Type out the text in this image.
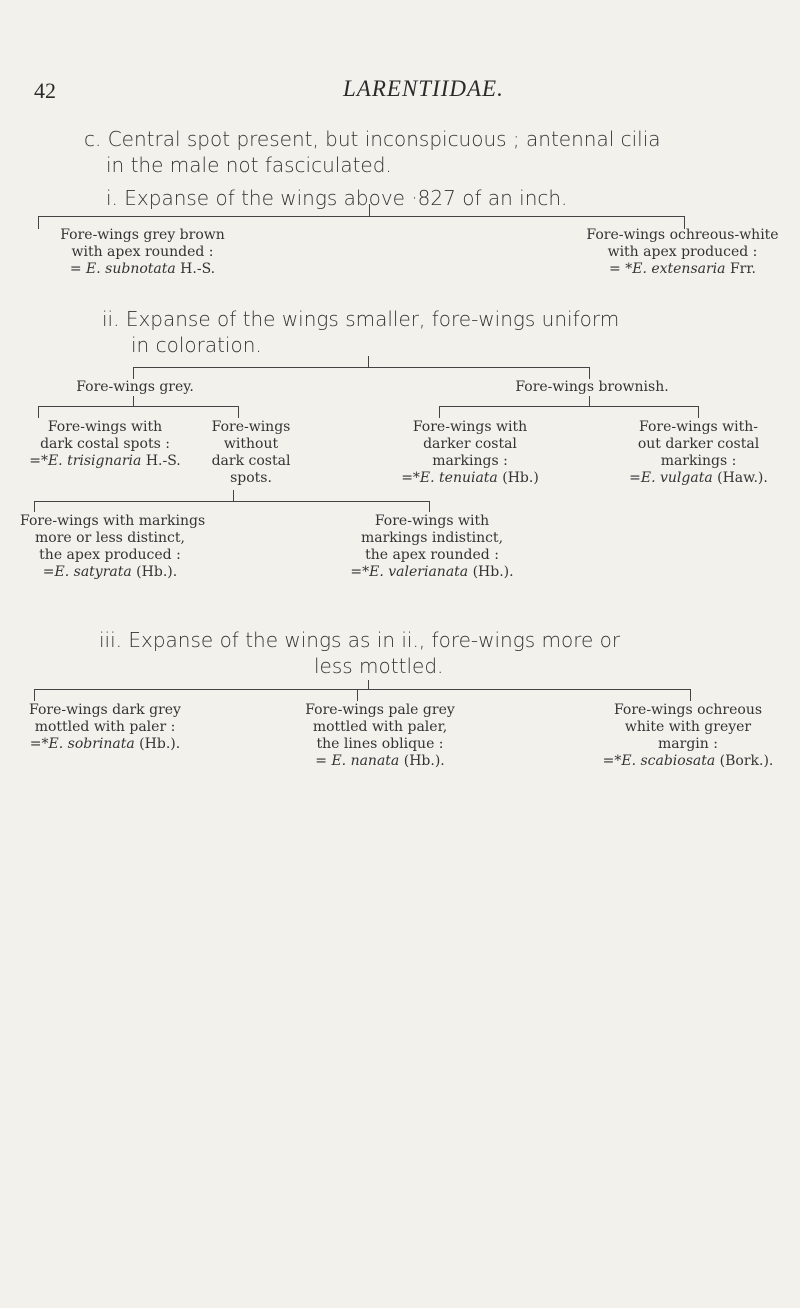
42	LARENTIIDAE.
c. Central spot present, but inconspicuous ; antennal cilia
in the male not fasciculated.
i. Expanse of the wings above ·827 of an inch.
Fore-wings grey brown
with apex rounded :
= E. subnotata H.-S.
Fore-wings ochreous-white
with apex produced :
= *E. extensaria Frr.
ii. Expanse of the wings smaller, fore-wings uniform
in coloration.
Fore-wings grey.	Fore-wings brownish.
Fore-wings with
dark costal spots :
=*E. trisignaria H.-S.
Fore-wings
without
dark costal
spots.
Fore-wings with
darker costal
markings :
=*E. tenuiata (Hb.)
Fore-wings with-
out darker costal
markings :
=E. vulgata (Haw.).
Fore-wings with markings
more or less distinct,
the apex produced :
=E. satyrata (Hb.).
Fore-wings with
markings indistinct,
the apex rounded :
=*E. valerianata (Hb.).
iii. Expanse of the wings as in ii., fore-wings more or
less mottled.
Fore-wings dark grey
mottled with paler :
=*E. sobrinata (Hb.).
Fore-wings pale grey
mottled with paler,
the lines oblique :
= E. nanata (Hb.).
Fore-wings ochreous
white with greyer
margin :
=*E. scabiosata (Bork.).
